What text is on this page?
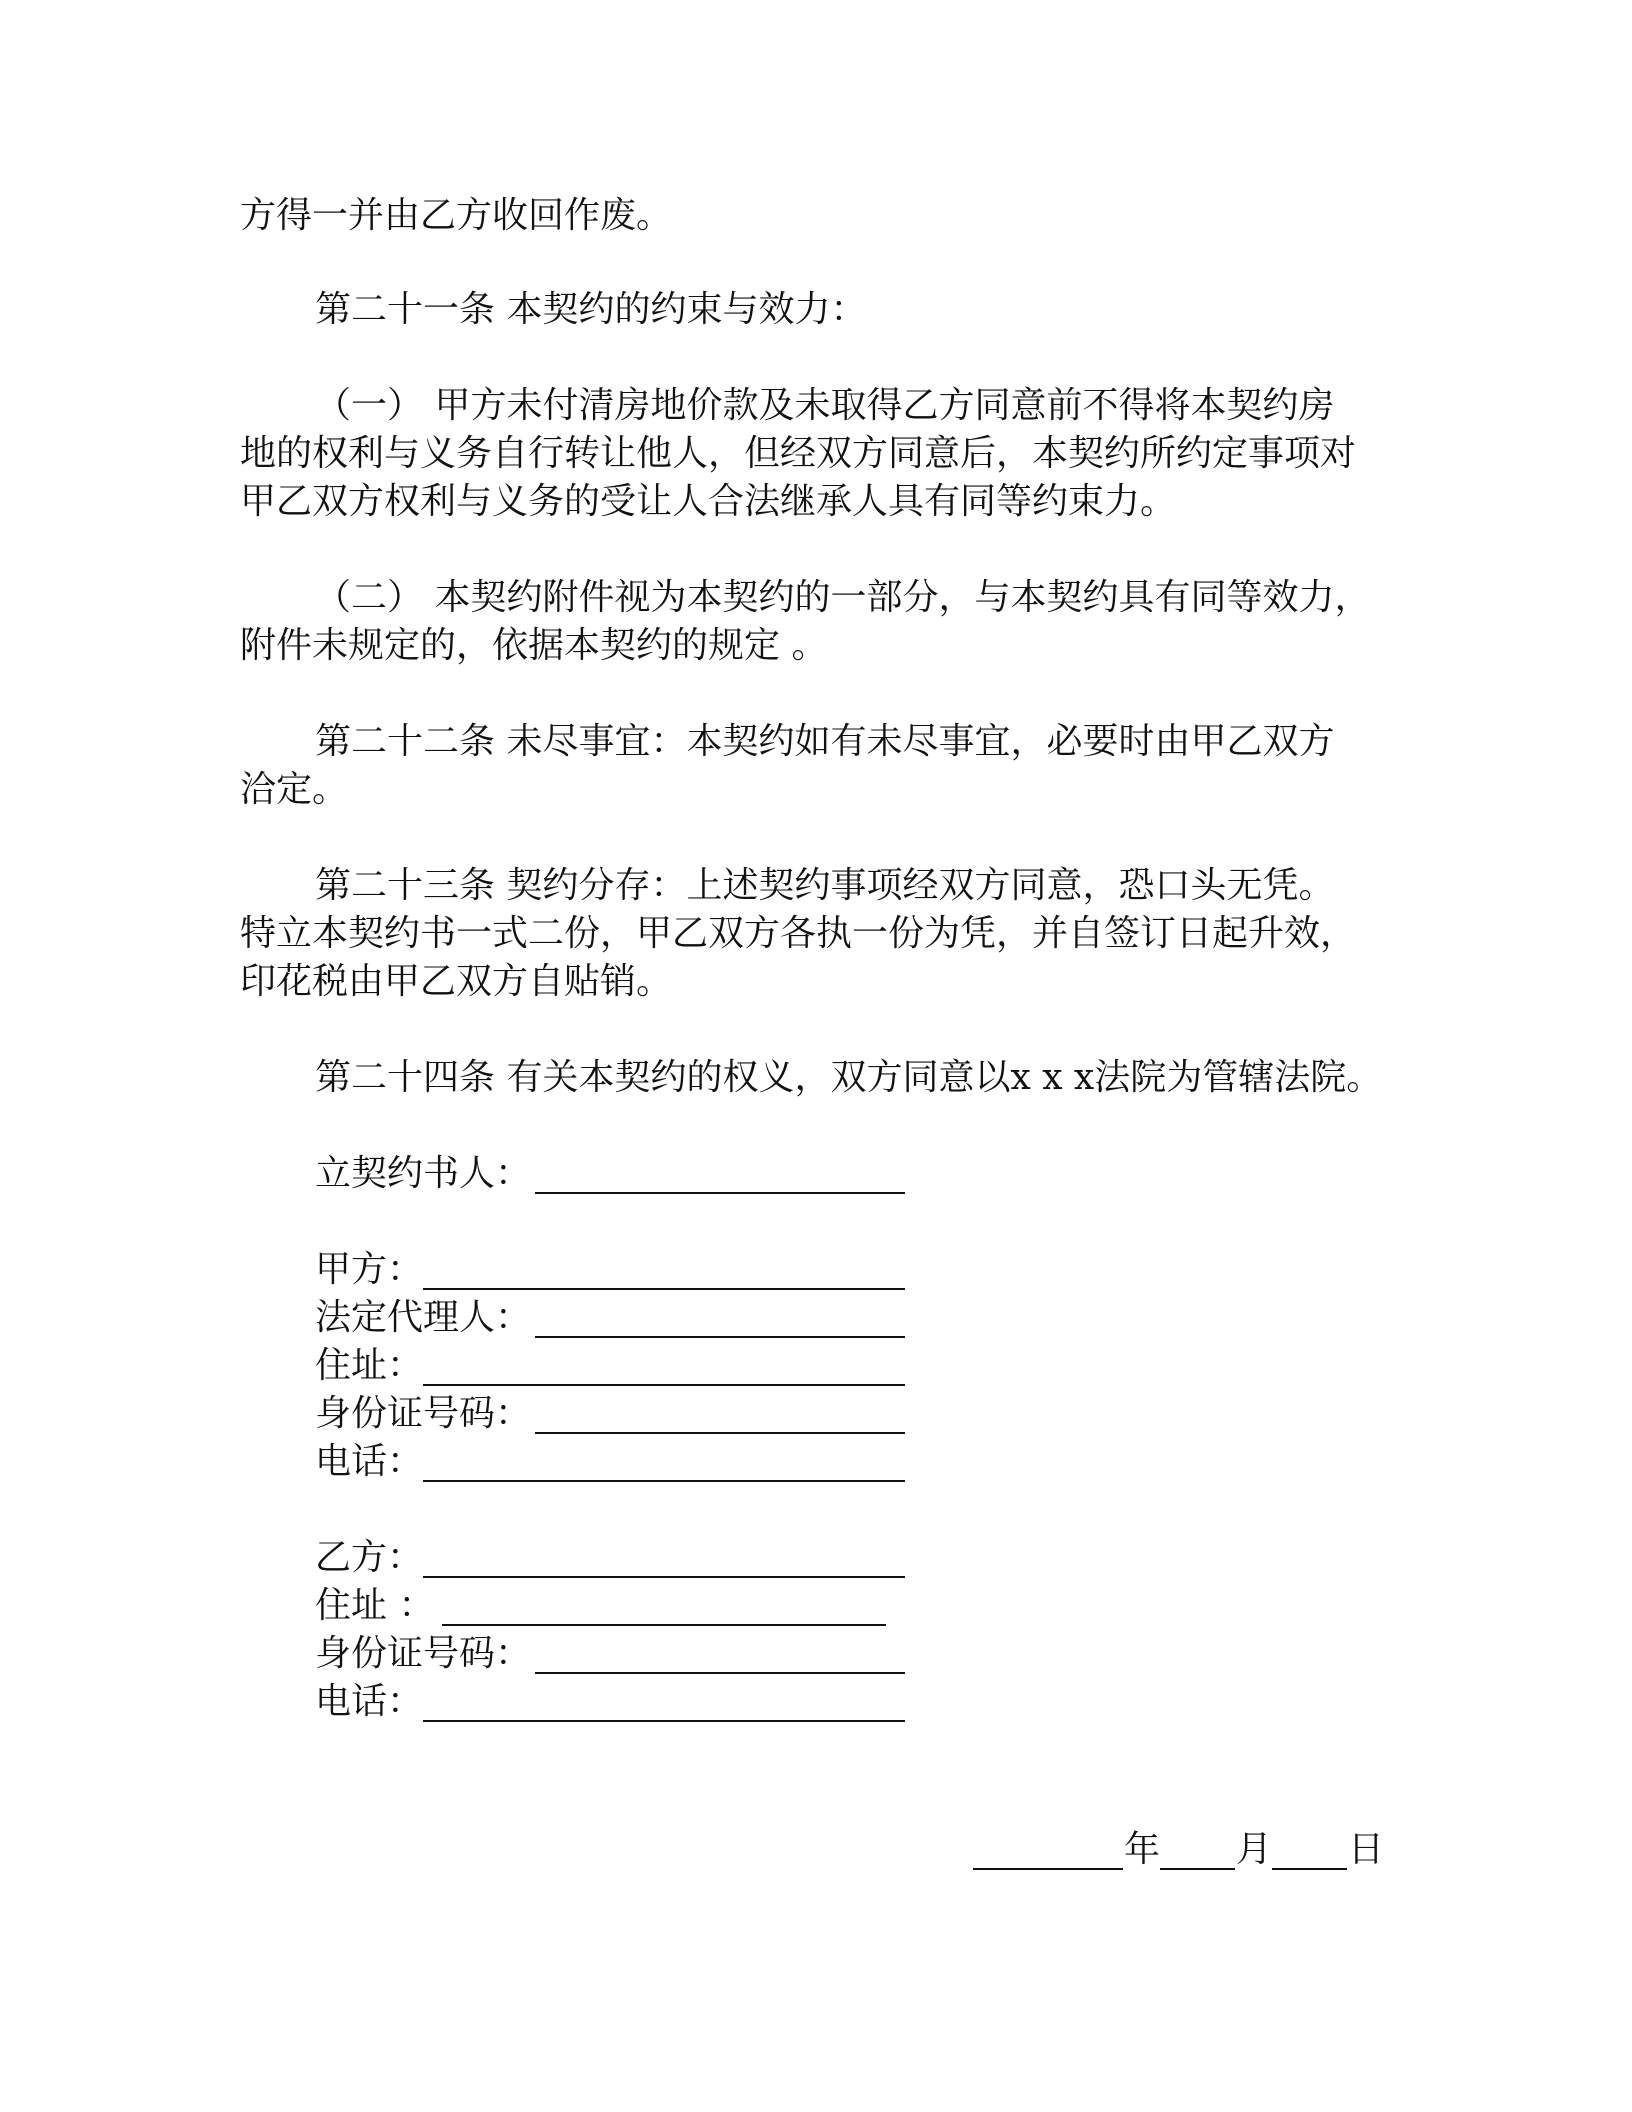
方得一并由乙方收回作废。
第二十一条 本契约的约束与效力：
（一） 甲方未付清房地价款及未取得乙方同意前不得将本契约房
地的权利与义务自行转让他人，但经双方同意后，本契约所约定事项对
甲乙双方权利与义务的受让人合法继承人具有同等约束力。
（二） 本契约附件视为本契约的一部分，与本契约具有同等效力，
附件未规定的，依据本契约的规定 。
第二十二条 未尽事宜：本契约如有未尽事宜，必要时由甲乙双方
洽定。
第二十三条 契约分存：上述契约事项经双方同意，恐口头无凭。
特立本契约书一式二份，甲乙双方各执一份为凭，并自签订日起升效，
印花税由甲乙双方自贴销。
第二十四条 有关本契约的权义，双方同意以x x x法院为管辖法院。
立契约书人：
甲方：
法定代理人：
住址：
身份证号码：
电话：
乙方：
住址 ：
身份证号码：
电话：
年 月 日
